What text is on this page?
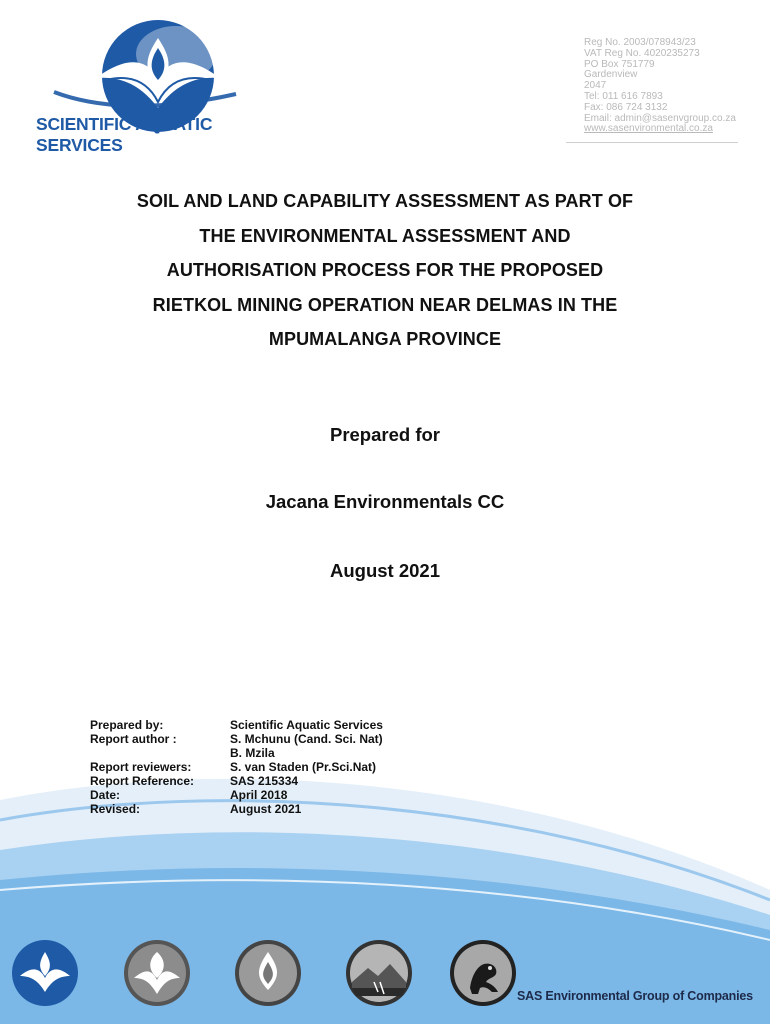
SCIENTIFIC AQUATIC SERVICES
Reg No. 2003/078943/23
VAT Reg No. 4020235273
PO Box 751779
Gardenview
2047
Tel: 011 616 7893
Fax: 086 724 3132
Email: admin@sasenvgroup.co.za
www.sasenvironmental.co.za
SOIL AND LAND CAPABILITY ASSESSMENT AS PART OF
THE ENVIRONMENTAL ASSESSMENT AND
AUTHORISATION PROCESS FOR THE PROPOSED
RIETKOL MINING OPERATION NEAR DELMAS IN THE
MPUMALANGA PROVINCE
Prepared for
Jacana Environmentals CC
August 2021
SAS Environmental Group of Companies
Prepared by:	Scientific Aquatic Services
Report author :	S. Mchunu (Cand. Sci. Nat)
B. Mzila
Report reviewers:	S. van Staden (Pr.Sci.Nat)
Report Reference:	SAS 215334
Date:	April 2018
Revised:	August 2021
